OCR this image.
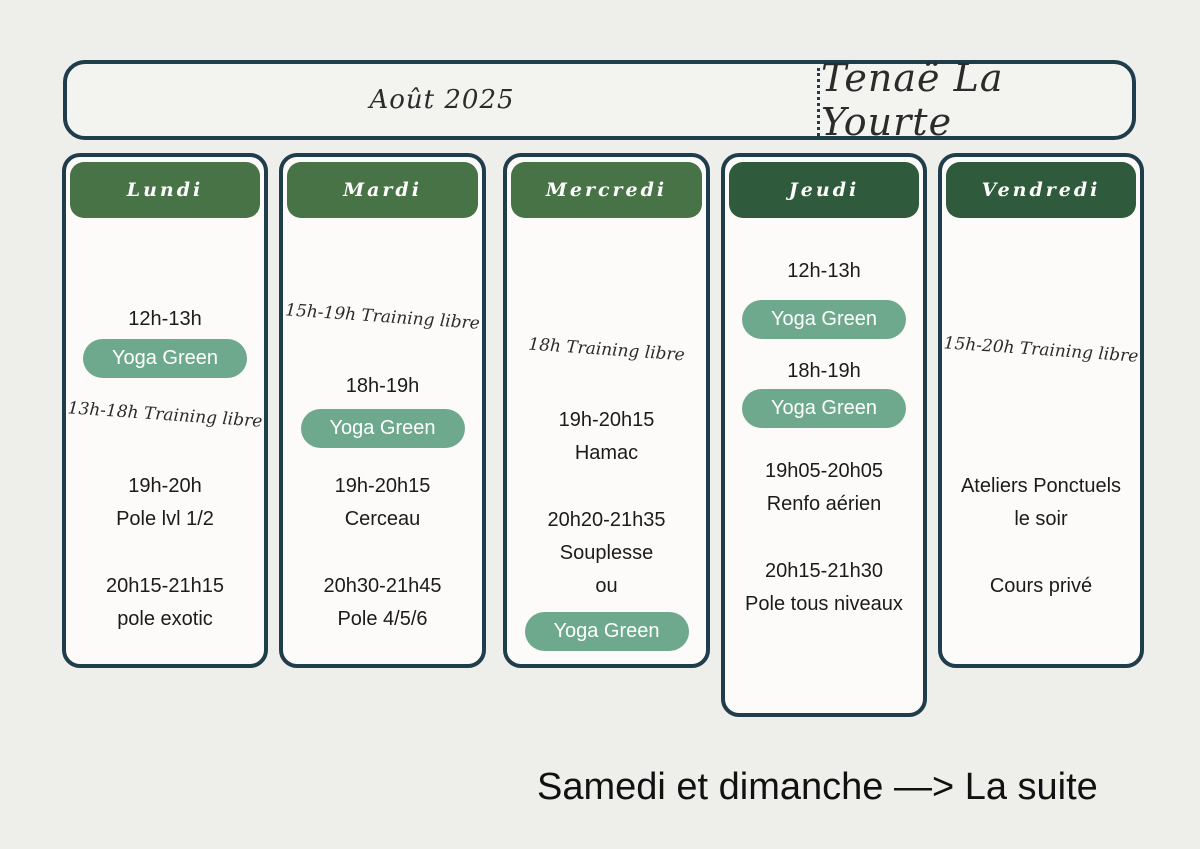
Août 2025	Tenaë La Yourte
Lundi
12h-13h
Yoga Green
13h-18h Training libre
19h-20h
Pole lvl 1/2
20h15-21h15
pole exotic
Mardi
15h-19h Training libre
18h-19h
Yoga Green
19h-20h15
Cerceau
20h30-21h45
Pole 4/5/6
Mercredi
18h Training libre
19h-20h15
Hamac
20h20-21h35
Souplesse
ou
Yoga Green
Jeudi
12h-13h
Yoga Green
18h-19h
Yoga Green
19h05-20h05
Renfo aérien
20h15-21h30
Pole tous niveaux
Vendredi
15h-20h Training libre
Ateliers Ponctuels
le soir
Cours privé
Samedi et dimanche —> La suite
